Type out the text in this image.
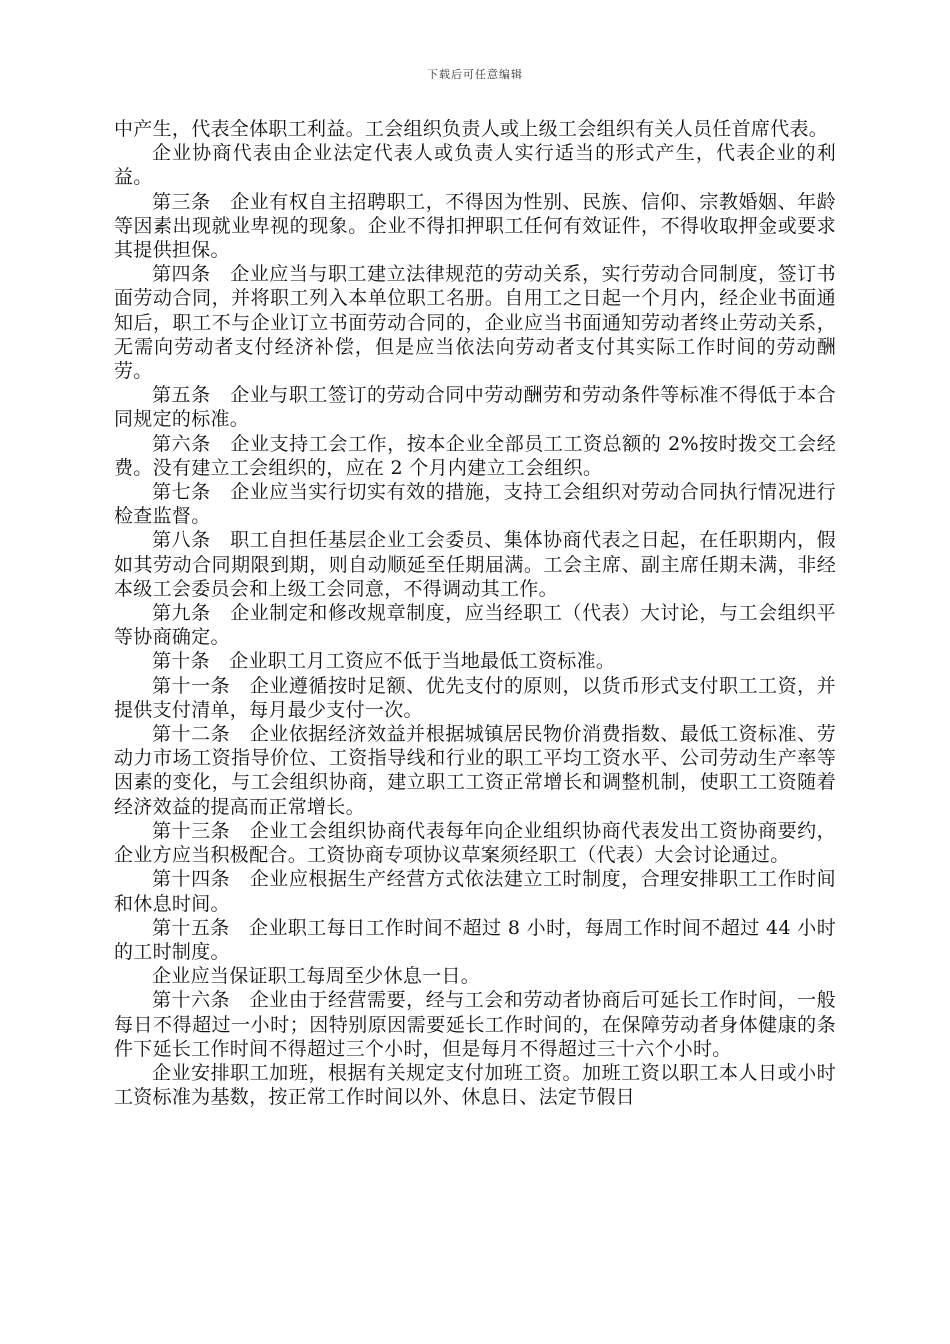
下载后可任意编辑

中产生，代表全体职工利益。工会组织负责人或上级工会组织有关人员任首席代表。

企业协商代表由企业法定代表人或负责人实行适当的形式产生，代表企业的利益。

第三条　企业有权自主招聘职工，不得因为性别、民族、信仰、宗教婚姻、年龄等因素出现就业卑视的现象。企业不得扣押职工任何有效证件，不得收取押金或要求其提供担保。

第四条　企业应当与职工建立法律规范的劳动关系，实行劳动合同制度，签订书面劳动合同，并将职工列入本单位职工名册。自用工之日起一个月内，经企业书面通知后，职工不与企业订立书面劳动合同的，企业应当书面通知劳动者终止劳动关系，无需向劳动者支付经济补偿，但是应当依法向劳动者支付其实际工作时间的劳动酬劳。

第五条　企业与职工签订的劳动合同中劳动酬劳和劳动条件等标准不得低于本合同规定的标准。

第六条　企业支持工会工作，按本企业全部员工工资总额的 2%按时拨交工会经费。没有建立工会组织的，应在 2 个月内建立工会组织。

第七条　企业应当实行切实有效的措施，支持工会组织对劳动合同执行情况进行检查监督。

第八条　职工自担任基层企业工会委员、集体协商代表之日起，在任职期内，假如其劳动合同期限到期，则自动顺延至任期届满。工会主席、副主席任期未满，非经本级工会委员会和上级工会同意，不得调动其工作。

第九条　企业制定和修改规章制度，应当经职工（代表）大讨论，与工会组织平等协商确定。

第十条　企业职工月工资应不低于当地最低工资标准。

第十一条　企业遵循按时足额、优先支付的原则，以货币形式支付职工工资，并提供支付清单，每月最少支付一次。

第十二条　企业依据经济效益并根据城镇居民物价消费指数、最低工资标准、劳动力市场工资指导价位、工资指导线和行业的职工平均工资水平、公司劳动生产率等因素的变化，与工会组织协商，建立职工工资正常增长和调整机制，使职工工资随着经济效益的提高而正常增长。

第十三条　企业工会组织协商代表每年向企业组织协商代表发出工资协商要约，企业方应当积极配合。工资协商专项协议草案须经职工（代表）大会讨论通过。

第十四条　企业应根据生产经营方式依法建立工时制度，合理安排职工工作时间和休息时间。

第十五条　企业职工每日工作时间不超过 8 小时，每周工作时间不超过 44 小时的工时制度。

企业应当保证职工每周至少休息一日。

第十六条　企业由于经营需要，经与工会和劳动者协商后可延长工作时间，一般每日不得超过一小时；因特别原因需要延长工作时间的，在保障劳动者身体健康的条件下延长工作时间不得超过三个小时，但是每月不得超过三十六个小时。

企业安排职工加班，根据有关规定支付加班工资。加班工资以职工本人日或小时工资标准为基数，按正常工作时间以外、休息日、法定节假日
